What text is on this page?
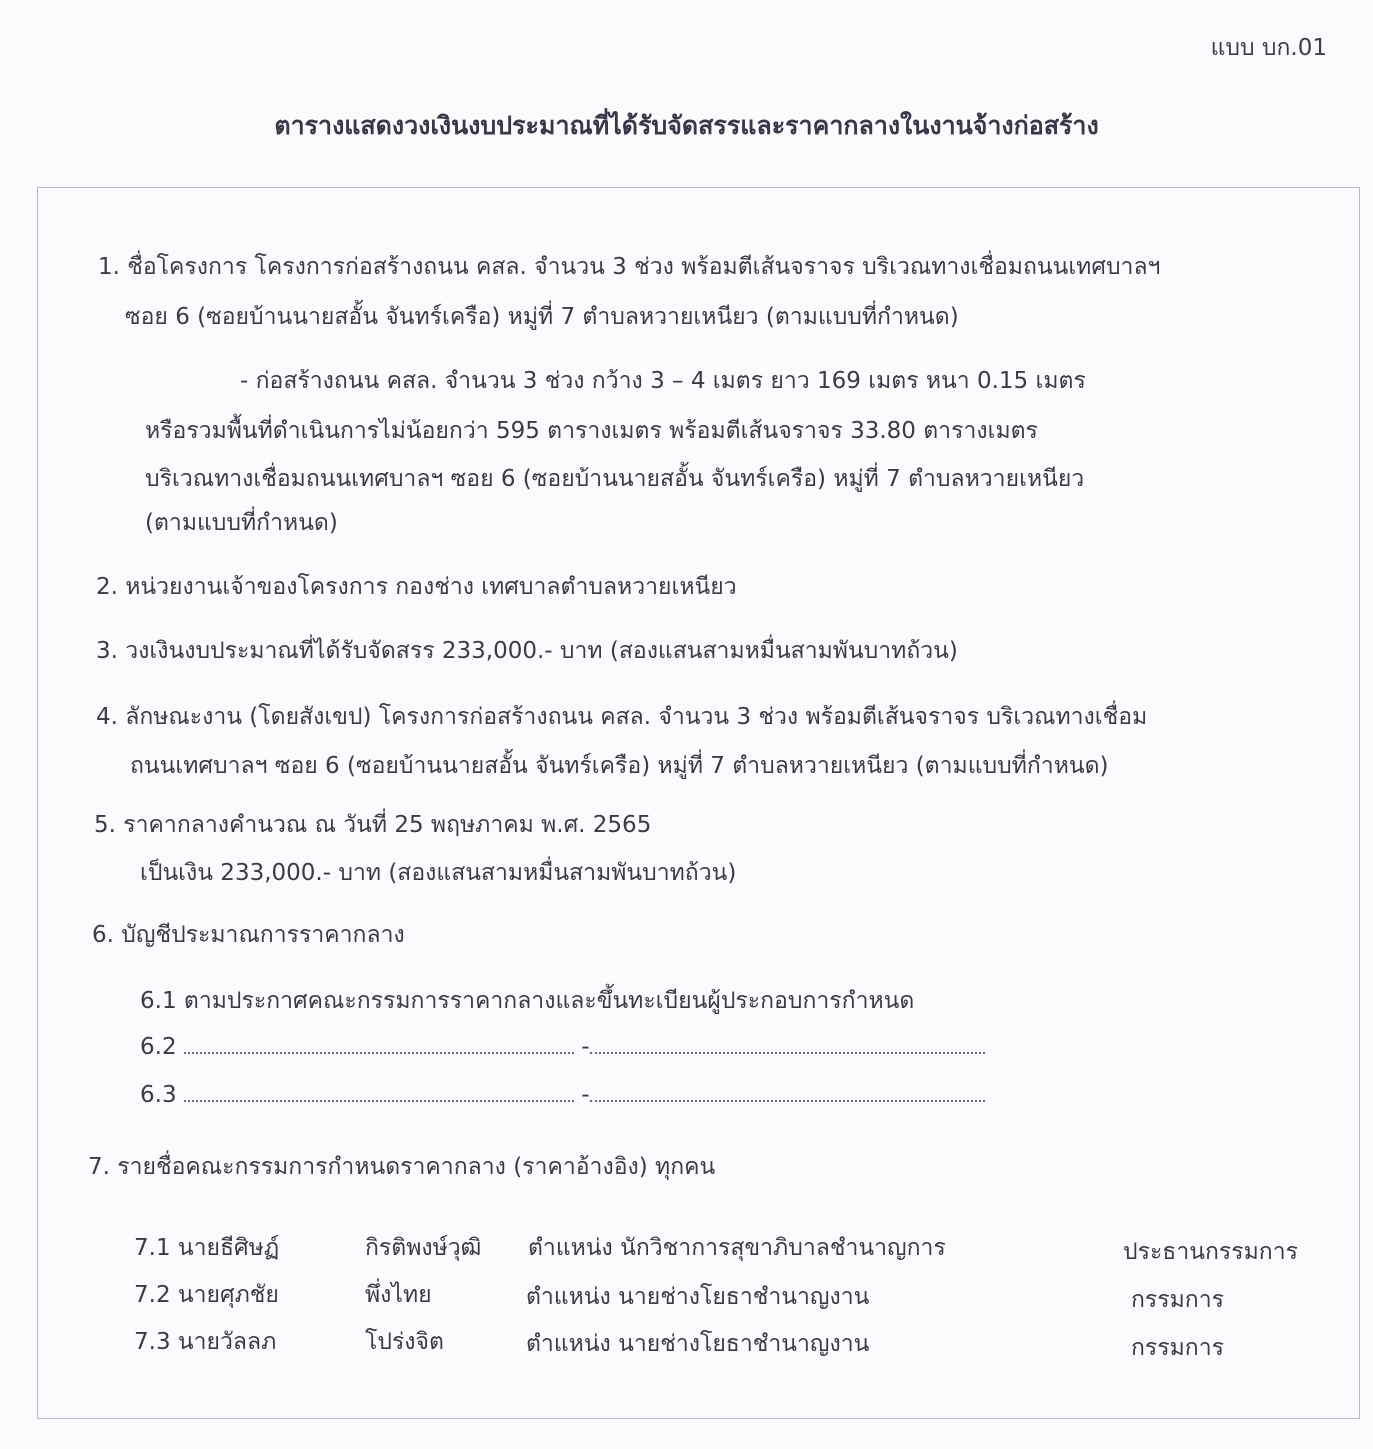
แบบ บก.01
ตารางแสดงวงเงินงบประมาณที่ได้รับจัดสรรและราคากลางในงานจ้างก่อสร้าง
1. ชื่อโครงการ โครงการก่อสร้างถนน คสล. จำนวน 3 ช่วง พร้อมตีเส้นจราจร บริเวณทางเชื่อมถนนเทศบาลฯ
ซอย 6 (ซอยบ้านนายสอั้น จันทร์เครือ) หมู่ที่ 7 ตำบลหวายเหนียว (ตามแบบที่กำหนด)
- ก่อสร้างถนน คสล. จำนวน 3 ช่วง กว้าง 3 – 4 เมตร ยาว 169 เมตร หนา 0.15 เมตร
หรือรวมพื้นที่ดำเนินการไม่น้อยกว่า 595 ตารางเมตร พร้อมตีเส้นจราจร 33.80 ตารางเมตร
บริเวณทางเชื่อมถนนเทศบาลฯ ซอย 6 (ซอยบ้านนายสอั้น จันทร์เครือ) หมู่ที่ 7 ตำบลหวายเหนียว
(ตามแบบที่กำหนด)
2. หน่วยงานเจ้าของโครงการ กองช่าง เทศบาลตำบลหวายเหนียว
3. วงเงินงบประมาณที่ได้รับจัดสรร 233,000.- บาท (สองแสนสามหมื่นสามพันบาทถ้วน)
4. ลักษณะงาน (โดยสังเขป) โครงการก่อสร้างถนน คสล. จำนวน 3 ช่วง พร้อมตีเส้นจราจร บริเวณทางเชื่อม
ถนนเทศบาลฯ ซอย 6 (ซอยบ้านนายสอั้น จันทร์เครือ) หมู่ที่ 7 ตำบลหวายเหนียว (ตามแบบที่กำหนด)
5. ราคากลางคำนวณ ณ วันที่ 25 พฤษภาคม พ.ศ. 2565
เป็นเงิน 233,000.- บาท (สองแสนสามหมื่นสามพันบาทถ้วน)
6. บัญชีประมาณการราคากลาง
6.1 ตามประกาศคณะกรรมการราคากลางและขึ้นทะเบียนผู้ประกอบการกำหนด
6.2	-
6.3	-
7. รายชื่อคณะกรรมการกำหนดราคากลาง (ราคาอ้างอิง) ทุกคน
7.1 นายธีศิษฏ์	กิรติพงษ์วุฒิ ตำแหน่ง นักวิชาการสุขาภิบาลชำนาญการ	ประธานกรรมการ
7.2 นายศุภชัย	พึ่งไทย	ตำแหน่ง นายช่างโยธาชำนาญงาน	กรรมการ
7.3 นายวัลลภ	โปร่งจิต	ตำแหน่ง นายช่างโยธาชำนาญงาน	กรรมการ
